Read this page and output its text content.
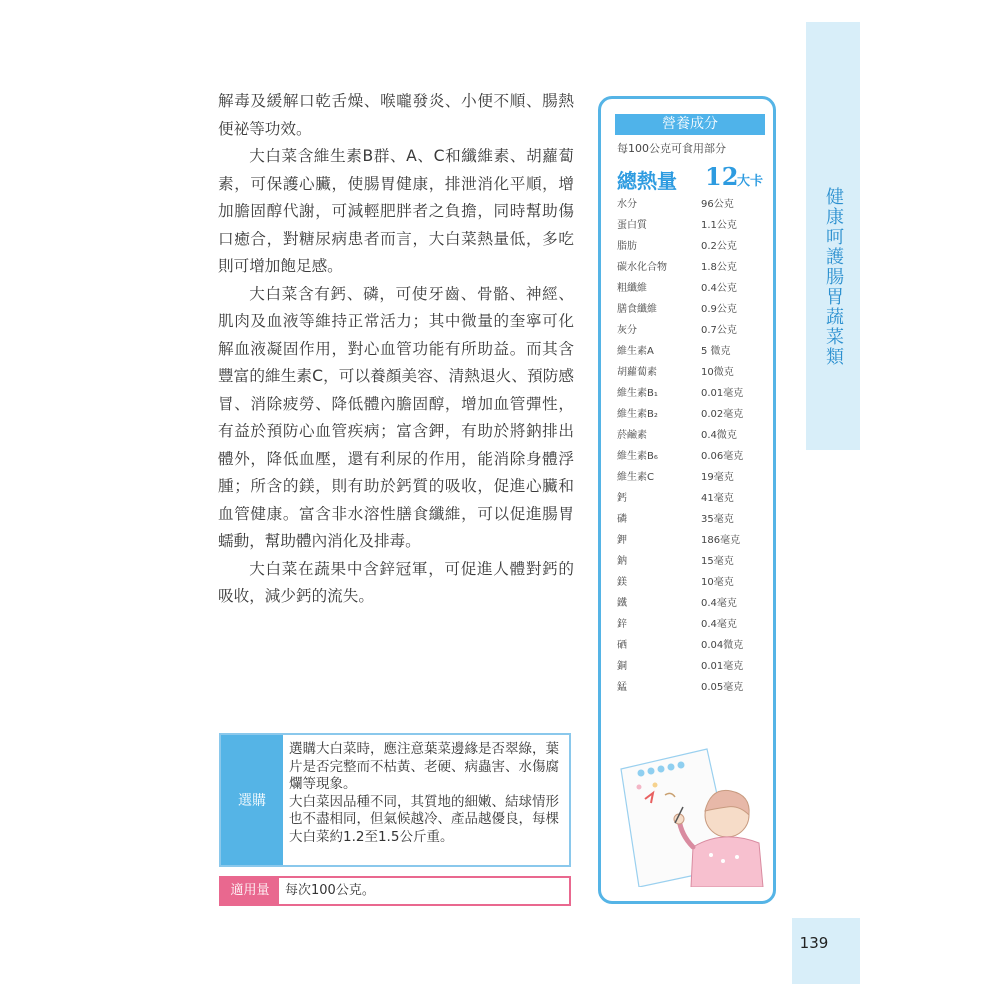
健康呵護腸胃蔬菜類
139

解毒及緩解口乾舌燥、喉嚨發炎、小便不順、腸熱便祕等功效。

大白菜含維生素B群、A、C和纖維素、胡蘿蔔素，可保護心臟，使腸胃健康，排泄消化平順，增加膽固醇代謝，可減輕肥胖者之負擔，同時幫助傷口癒合，對糖尿病患者而言，大白菜熱量低，多吃則可增加飽足感。

大白菜含有鈣、磷，可使牙齒、骨骼、神經、肌肉及血液等維持正常活力；其中微量的奎寧可化解血液凝固作用，對心血管功能有所助益。而其含豐富的維生素C，可以養顏美容、清熱退火、預防感冒、消除疲勞、降低體內膽固醇，增加血管彈性，有益於預防心血管疾病；富含鉀，有助於將鈉排出體外，降低血壓，還有利尿的作用，能消除身體浮腫；所含的鎂，則有助於鈣質的吸收，促進心臟和血管健康。富含非水溶性膳食纖維，可以促進腸胃蠕動，幫助體內消化及排毒。

大白菜在蔬果中含鋅冠軍，可促進人體對鈣的吸收，減少鈣的流失。

營養成分
每100公克可食用部分
總熱量 12
大卡
水分	96公克
蛋白質	1.1公克
脂肪	0.2公克
碳水化合物	1.8公克
粗纖維	0.4公克
膳食纖維	0.9公克
灰分	0.7公克
維生素A	5 微克
胡蘿蔔素	10微克
維生素B₁	0.01毫克
維生素B₂	0.02毫克
菸鹼素	0.4微克
維生素B₆	0.06毫克
維生素C	19毫克
鈣	41毫克
磷	35毫克
鉀	186毫克
鈉	15毫克
鎂	10毫克
鐵	0.4毫克
鋅	0.4毫克
硒	0.04微克
銅	0.01毫克
錳	0.05毫克
選購

選購大白菜時，應注意葉菜邊緣是否翠綠，葉片是否完整而不枯黃、老硬、病蟲害、水傷腐爛等現象。

大白菜因品種不同，其質地的細嫩、結球情形也不盡相同，但氣候越冷、產品越優良，每棵大白菜約1.2至1.5公斤重。

適用量	每次100公克。
